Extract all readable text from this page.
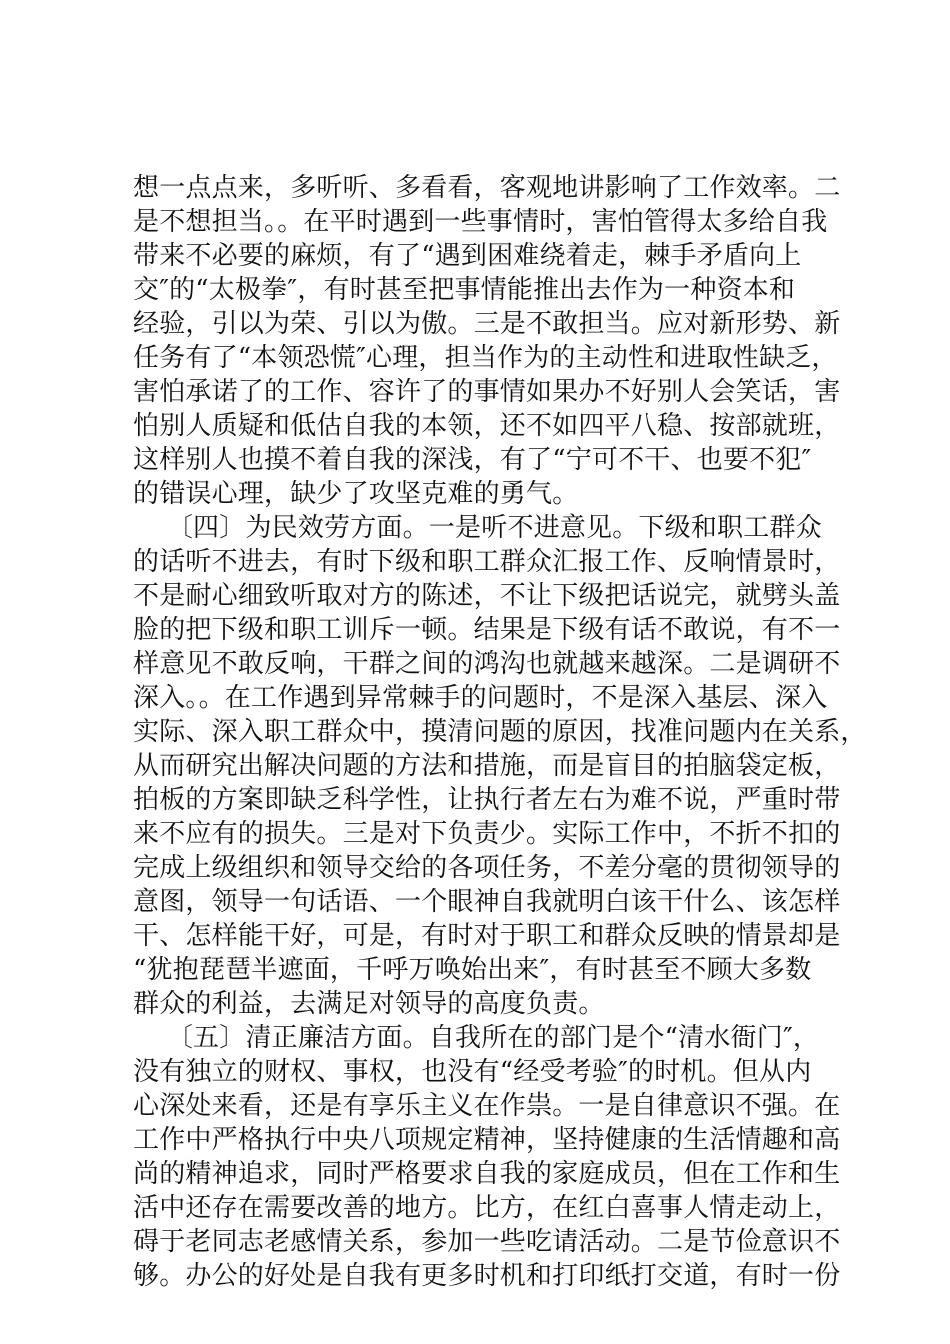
想一点点来，多听听、多看看，客观地讲影响了工作效率。二
是不想担当。。在平时遇到一些事情时，害怕管得太多给自我
带来不必要的麻烦，有了“遇到困难绕着走，棘手矛盾向上
交″的“太极拳″，有时甚至把事情能推出去作为一种资本和
经验，引以为荣、引以为傲。三是不敢担当。应对新形势、新
任务有了“本领恐慌″心理，担当作为的主动性和进取性缺乏，
害怕承诺了的工作、容许了的事情如果办不好别人会笑话，害
怕别人质疑和低估自我的本领，还不如四平八稳、按部就班，
这样别人也摸不着自我的深浅，有了“宁可不干、也要不犯″
的错误心理，缺少了攻坚克难的勇气。
〔四〕为民效劳方面。一是听不进意见。下级和职工群众
的话听不进去，有时下级和职工群众汇报工作、反响情景时，
不是耐心细致听取对方的陈述，不让下级把话说完，就劈头盖
脸的把下级和职工训斥一顿。结果是下级有话不敢说，有不一
样意见不敢反响，干群之间的鸿沟也就越来越深。二是调研不
深入。。在工作遇到异常棘手的问题时，不是深入基层、深入
实际、深入职工群众中，摸清问题的原因，找准问题内在关系，
从而研究出解决问题的方法和措施，而是盲目的拍脑袋定板，
拍板的方案即缺乏科学性，让执行者左右为难不说，严重时带
来不应有的损失。三是对下负责少。实际工作中，不折不扣的
完成上级组织和领导交给的各项任务，不差分毫的贯彻领导的
意图，领导一句话语、一个眼神自我就明白该干什么、该怎样
干、怎样能干好，可是，有时对于职工和群众反映的情景却是
“犹抱琵琶半遮面，千呼万唤始出来″，有时甚至不顾大多数
群众的利益，去满足对领导的高度负责。
〔五〕清正廉洁方面。自我所在的部门是个“清水衙门″，
没有独立的财权、事权，也没有“经受考验″的时机。但从内
心深处来看，还是有享乐主义在作祟。一是自律意识不强。在
工作中严格执行中央八项规定精神，坚持健康的生活情趣和高
尚的精神追求，同时严格要求自我的家庭成员，但在工作和生
活中还存在需要改善的地方。比方，在红白喜事人情走动上，
碍于老同志老感情关系，参加一些吃请活动。二是节俭意识不
够。办公的好处是自我有更多时机和打印纸打交道，有时一份
